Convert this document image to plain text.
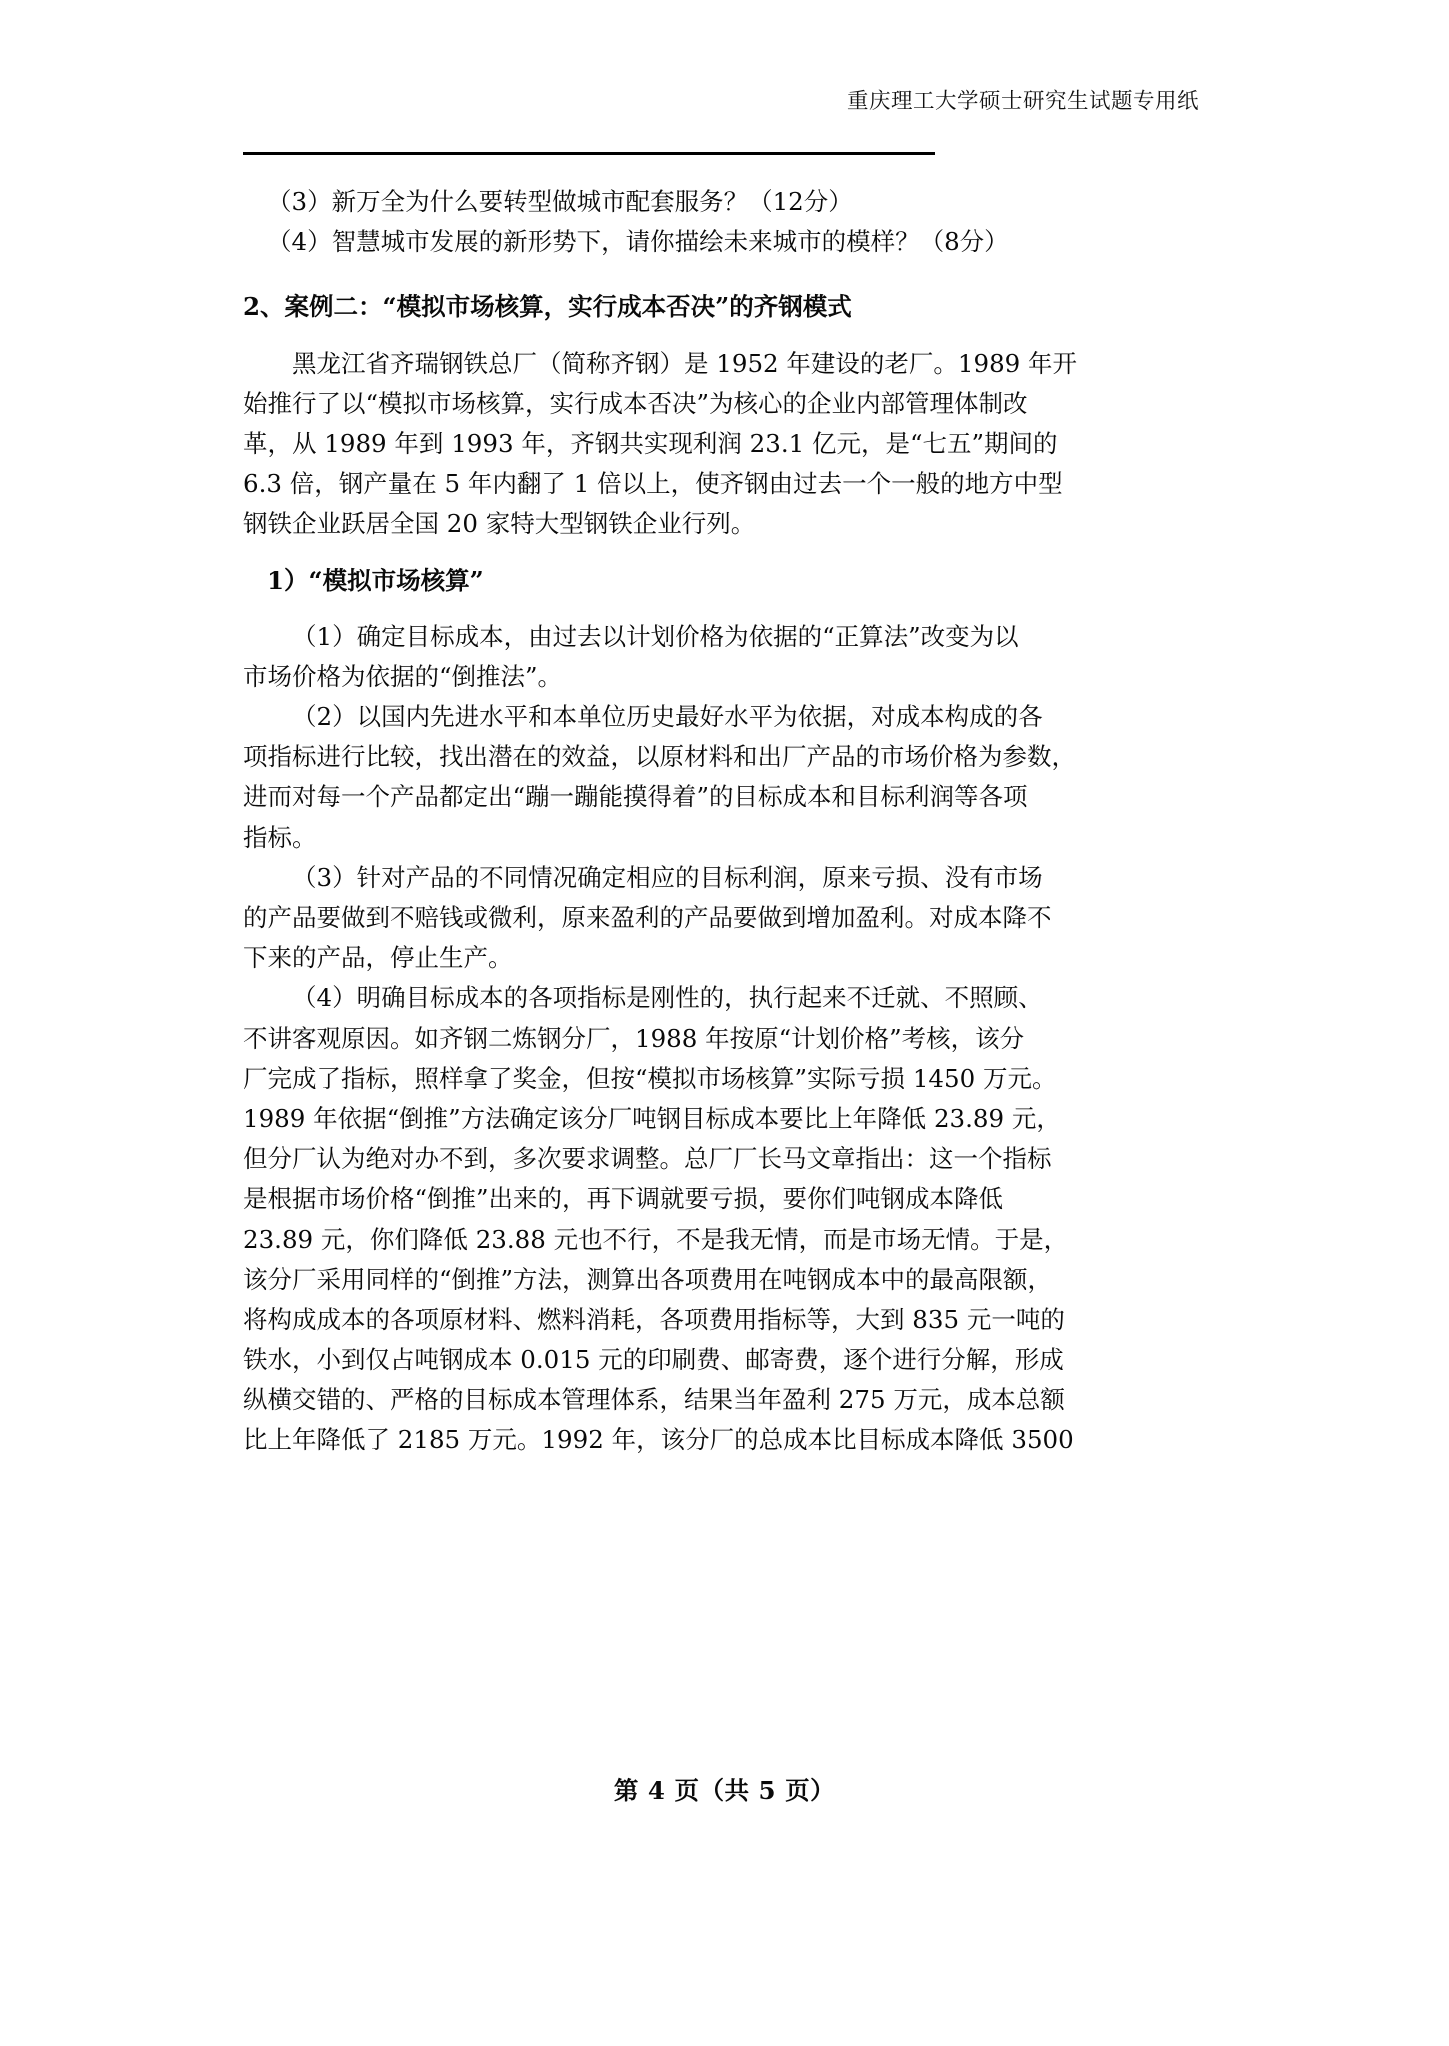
重庆理工大学硕士研究生试题专用纸
（3）新万全为什么要转型做城市配套服务？（12分）
（4）智慧城市发展的新形势下，请你描绘未来城市的模样？（8分）
2、案例二：“模拟市场核算，实行成本否决”的齐钢模式
黑龙江省齐瑞钢铁总厂（简称齐钢）是 1952 年建设的老厂。1989 年开
始推行了以“模拟市场核算，实行成本否决”为核心的企业内部管理体制改
革，从 1989 年到 1993 年，齐钢共实现利润 23.1 亿元，是“七五”期间的
6.3 倍，钢产量在 5 年内翻了 1 倍以上，使齐钢由过去一个一般的地方中型
钢铁企业跃居全国 20 家特大型钢铁企业行列。
1）“模拟市场核算”
（1）确定目标成本，由过去以计划价格为依据的“正算法”改变为以
市场价格为依据的“倒推法”。
（2）以国内先进水平和本单位历史最好水平为依据，对成本构成的各
项指标进行比较，找出潜在的效益，以原材料和出厂产品的市场价格为参数，
进而对每一个产品都定出“蹦一蹦能摸得着”的目标成本和目标利润等各项
指标。
（3）针对产品的不同情况确定相应的目标利润，原来亏损、没有市场
的产品要做到不赔钱或微利，原来盈利的产品要做到增加盈利。对成本降不
下来的产品，停止生产。
（4）明确目标成本的各项指标是刚性的，执行起来不迁就、不照顾、
不讲客观原因。如齐钢二炼钢分厂，1988 年按原“计划价格”考核，该分
厂完成了指标，照样拿了奖金，但按“模拟市场核算”实际亏损 1450 万元。
1989 年依据“倒推”方法确定该分厂吨钢目标成本要比上年降低 23.89 元，
但分厂认为绝对办不到，多次要求调整。总厂厂长马文章指出：这一个指标
是根据市场价格“倒推”出来的，再下调就要亏损，要你们吨钢成本降低
23.89 元，你们降低 23.88 元也不行，不是我无情，而是市场无情。于是，
该分厂采用同样的“倒推”方法，测算出各项费用在吨钢成本中的最高限额，
将构成成本的各项原材料、燃料消耗，各项费用指标等，大到 835 元一吨的
铁水，小到仅占吨钢成本 0.015 元的印刷费、邮寄费，逐个进行分解，形成
纵横交错的、严格的目标成本管理体系，结果当年盈利 275 万元，成本总额
比上年降低了 2185 万元。1992 年，该分厂的总成本比目标成本降低 3500
第 4 页（共 5 页）
